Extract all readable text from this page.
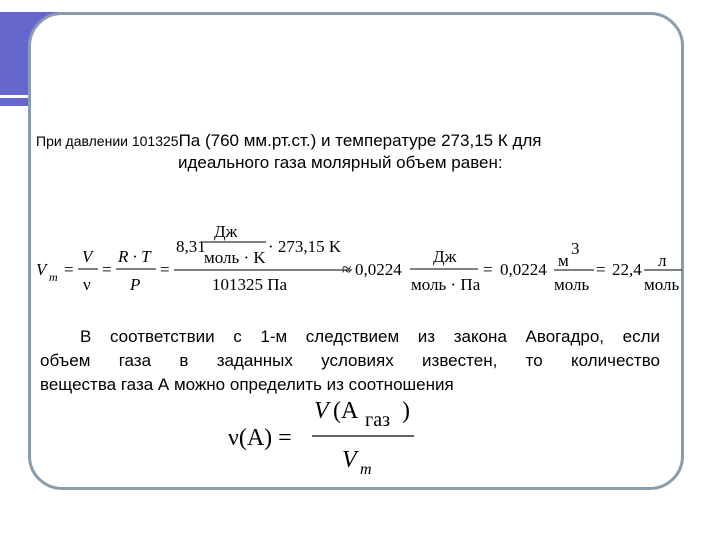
При давлении 101325Па (760 мм.рт.ст.) и температуре 273,15 К для
идеального газа молярный объем равен:
V m =
V
ν
=
R · T
P
=
8,31
Дж
моль · K
· 273,15 K
101325 Па
≈ 0,0224
Дж
моль · Па
= 0,0224 м
3
моль
= 22,4 л
моль
В соответствии с 1-м следствием из закона Авогадро, если
объем газа в заданных условиях известен, то количество
вещества газа А можно определить из соотношения
ν(A) =
V (A газ )
V m
